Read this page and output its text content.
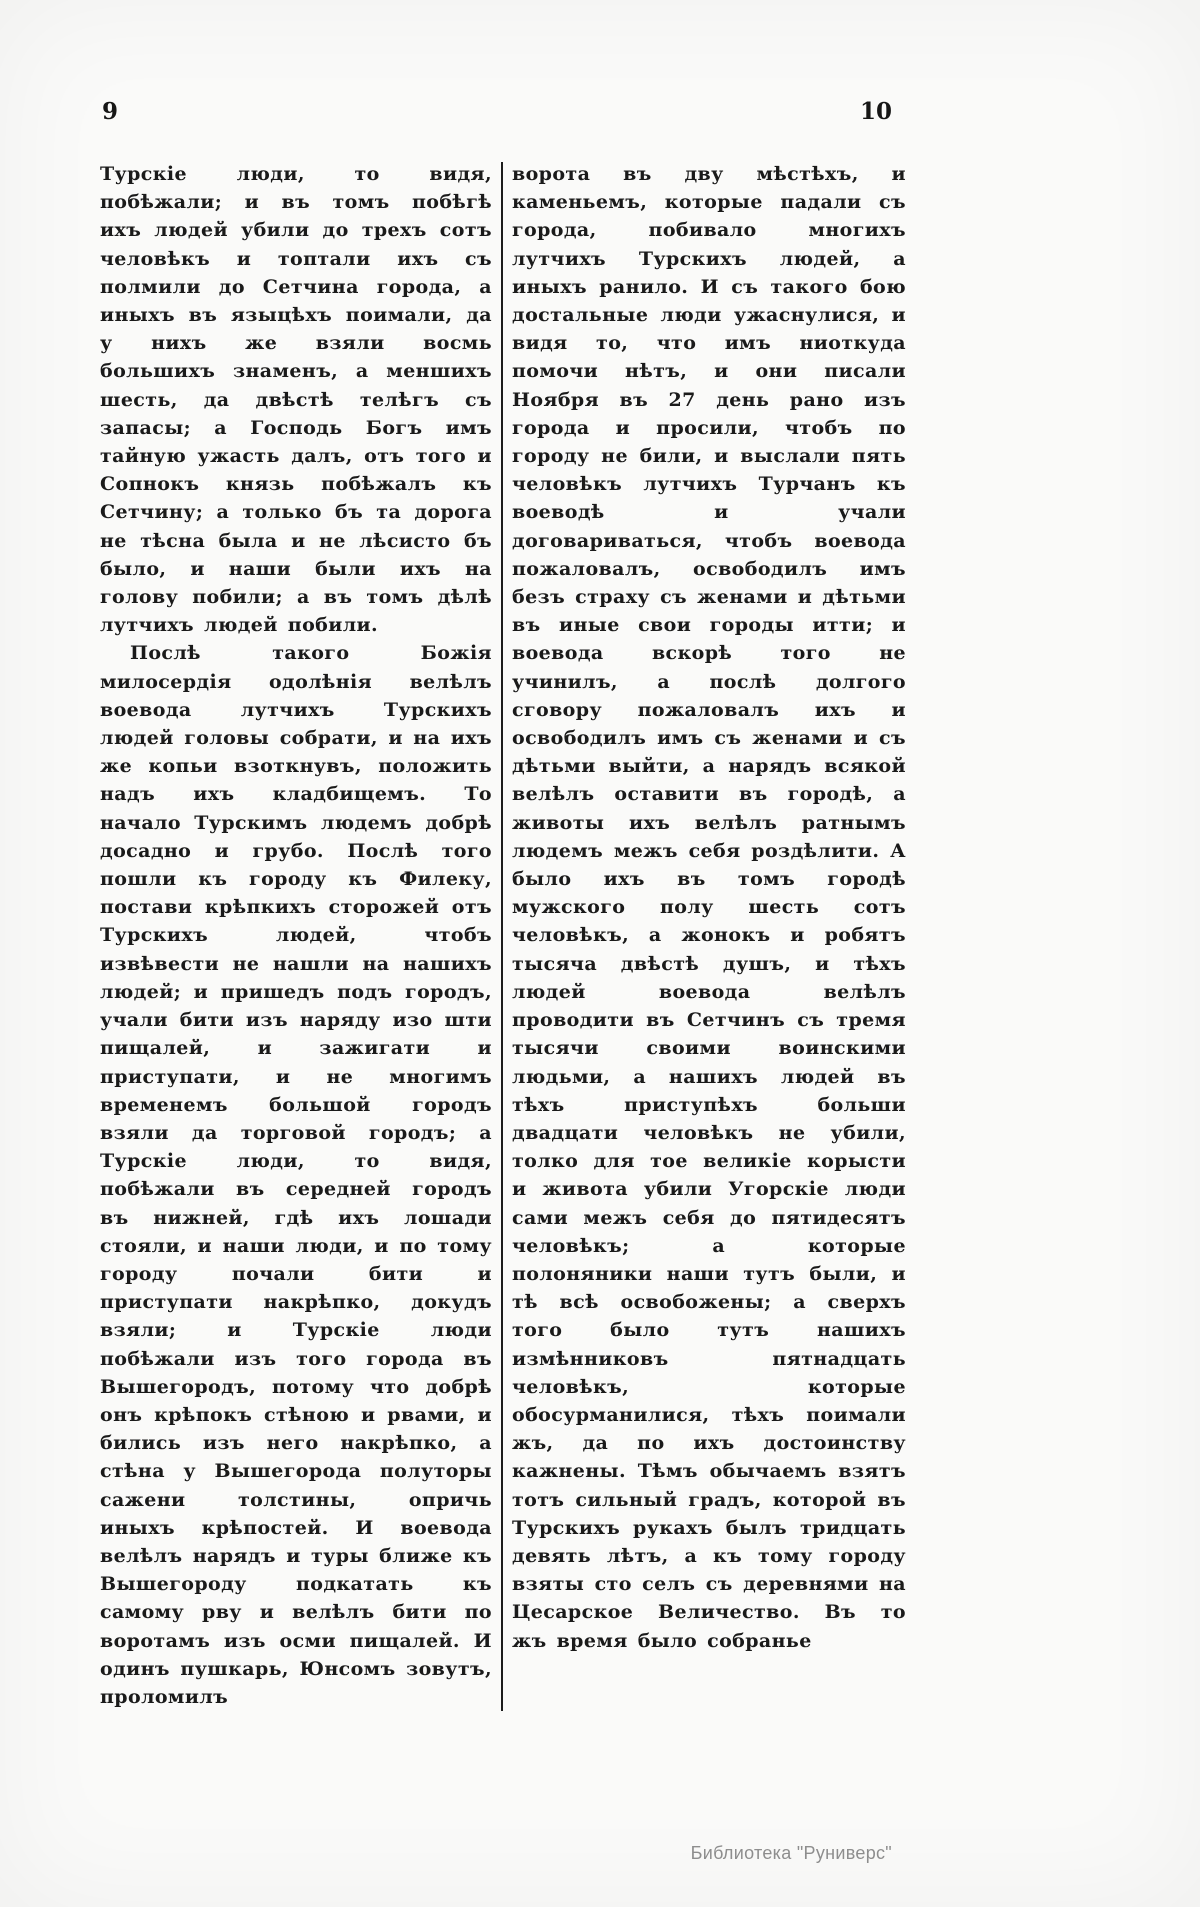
9	10

Турскіе люди, то видя, побѣжали; и въ томъ побѣгѣ ихъ людей убили до трехъ сотъ человѣкъ и топтали ихъ съ полмили до Сетчина города, а иныхъ въ языцѣхъ поимали, да у нихъ же взяли восмь большихъ знаменъ, а меншихъ шесть, да двѣстѣ телѣгъ съ запасы; а Господь Богъ имъ тайную ужасть далъ, отъ того и Сопнокъ князь побѣжалъ къ Сетчину; а только бъ та дорога не тѣсна была и не лѣсисто бъ было, и наши были ихъ на голову побили; а въ томъ дѣлѣ лутчихъ людей побили.

Послѣ такого Божія милосердія одолѣнія велѣлъ воевода лутчихъ Турскихъ людей головы собрати, и на ихъ же копьи взоткнувъ, положить надъ ихъ кладбищемъ. То начало Турскимъ людемъ добрѣ досадно и грубо. Послѣ того пошли къ городу къ Филеку, постави крѣпкихъ сторожей отъ Турскихъ людей, чтобъ извѣвести не нашли на нашихъ людей; и пришедъ подъ городъ, учали бити изъ наряду изо шти пищалей, и зажигати и приступати, и не многимъ временемъ большой городъ взяли да торговой городъ; а Турскіе люди, то видя, побѣжали въ середней городъ въ нижней, гдѣ ихъ лошади стояли, и наши люди, и по тому городу почали бити и приступати накрѣпко, докудъ взяли; и Турскіе люди побѣжали изъ того города въ Вышегородъ, потому что добрѣ онъ крѣпокъ стѣною и рвами, и бились изъ него накрѣпко, а стѣна у Вышегорода полуторы сажени толстины, опричь иныхъ крѣпостей. И воевода велѣлъ нарядъ и туры ближе къ Вышегороду подкатать къ самому рву и велѣлъ бити по воротамъ изъ осми пищалей. И одинъ пушкарь, Юнсомъ зовутъ, проломилъ

ворота въ дву мѣстѣхъ, и каменьемъ, которые падали съ города, побивало многихъ лутчихъ Турскихъ людей, а иныхъ ранило. И съ такого бою достальные люди ужаснулися, и видя то, что имъ ниоткуда помочи нѣтъ, и они писали Ноября въ 27 день рано изъ города и просили, чтобъ по городу не били, и выслали пять человѣкъ лутчихъ Турчанъ къ воеводѣ и учали договариваться, чтобъ воевода пожаловалъ, освободилъ имъ безъ страху съ женами и дѣтьми въ иные свои городы итти; и воевода вскорѣ того не учинилъ, а послѣ долгого сговору пожаловалъ ихъ и освободилъ имъ съ женами и съ дѣтьми выйти, а нарядъ всякой велѣлъ оставити въ городѣ, а животы ихъ велѣлъ ратнымъ людемъ межъ себя роздѣлити. А было ихъ въ томъ городѣ мужского полу шесть сотъ человѣкъ, а жонокъ и робятъ тысяча двѣстѣ душъ, и тѣхъ людей воевода велѣлъ проводити въ Сетчинъ съ тремя тысячи своими воинскими людьми, а нашихъ людей въ тѣхъ приступѣхъ больши двадцати человѣкъ не убили, толко для тое великіе корысти и живота убили Угорскіе люди сами межъ себя до пятидесятъ человѣкъ; а которые полоняники наши тутъ были, и тѣ всѣ освобожены; а сверхъ того было тутъ нашихъ измѣнниковъ пятнадцать человѣкъ, которые обосурманилися, тѣхъ поимали жъ, да по ихъ достоинству кажнены. Тѣмъ обычаемъ взятъ тотъ сильный градъ, которой въ Турскихъ рукахъ былъ тридцать девять лѣтъ, а къ тому городу взяты сто селъ съ деревнями на Цесарское Величество. Въ то жъ время было собранье

Библиотека "Руниверс"
